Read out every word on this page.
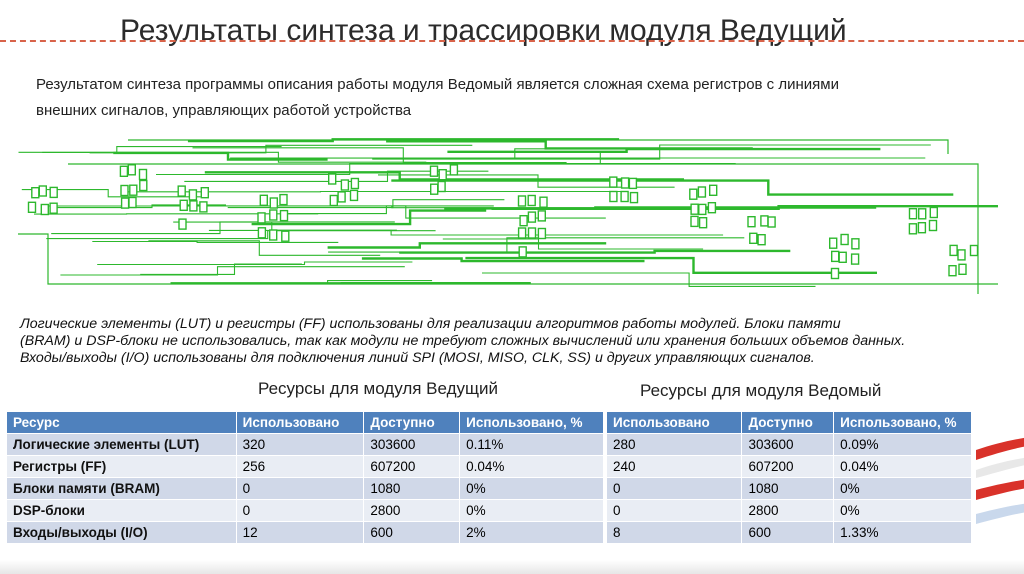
Результаты синтеза и трассировки модуля Ведущий
Результатом синтеза программы описания работы модуля Ведомый является сложная схема регистров с линиями
внешних сигналов, управляющих работой устройства
Логические элементы (LUT) и регистры (FF) использованы для реализации алгоритмов работы модулей. Блоки памяти
(BRAM) и DSP-блоки не использовались, так как модули не требуют сложных вычислений или хранения больших объемов данных.
Входы/выходы (I/O) использованы для подключения линий SPI (MOSI, MISO, CLK, SS) и других управляющих сигналов.
Ресурсы для модуля Ведущий	Ресурсы для модуля Ведомый
Ресурс	Использовано	Доступно	Использовано, %
Логические элементы (LUT)	320	303600	0.11%
Регистры (FF)	256	607200	0.04%
Блоки памяти (BRAM)	0	1080	0%
DSP-блоки	0	2800	0%
Входы/выходы (I/O)	12	600	2%
Использовано	Доступно	Использовано, %
280	303600	0.09%
240	607200	0.04%
0	1080	0%
0	2800	0%
8	600	1.33%
